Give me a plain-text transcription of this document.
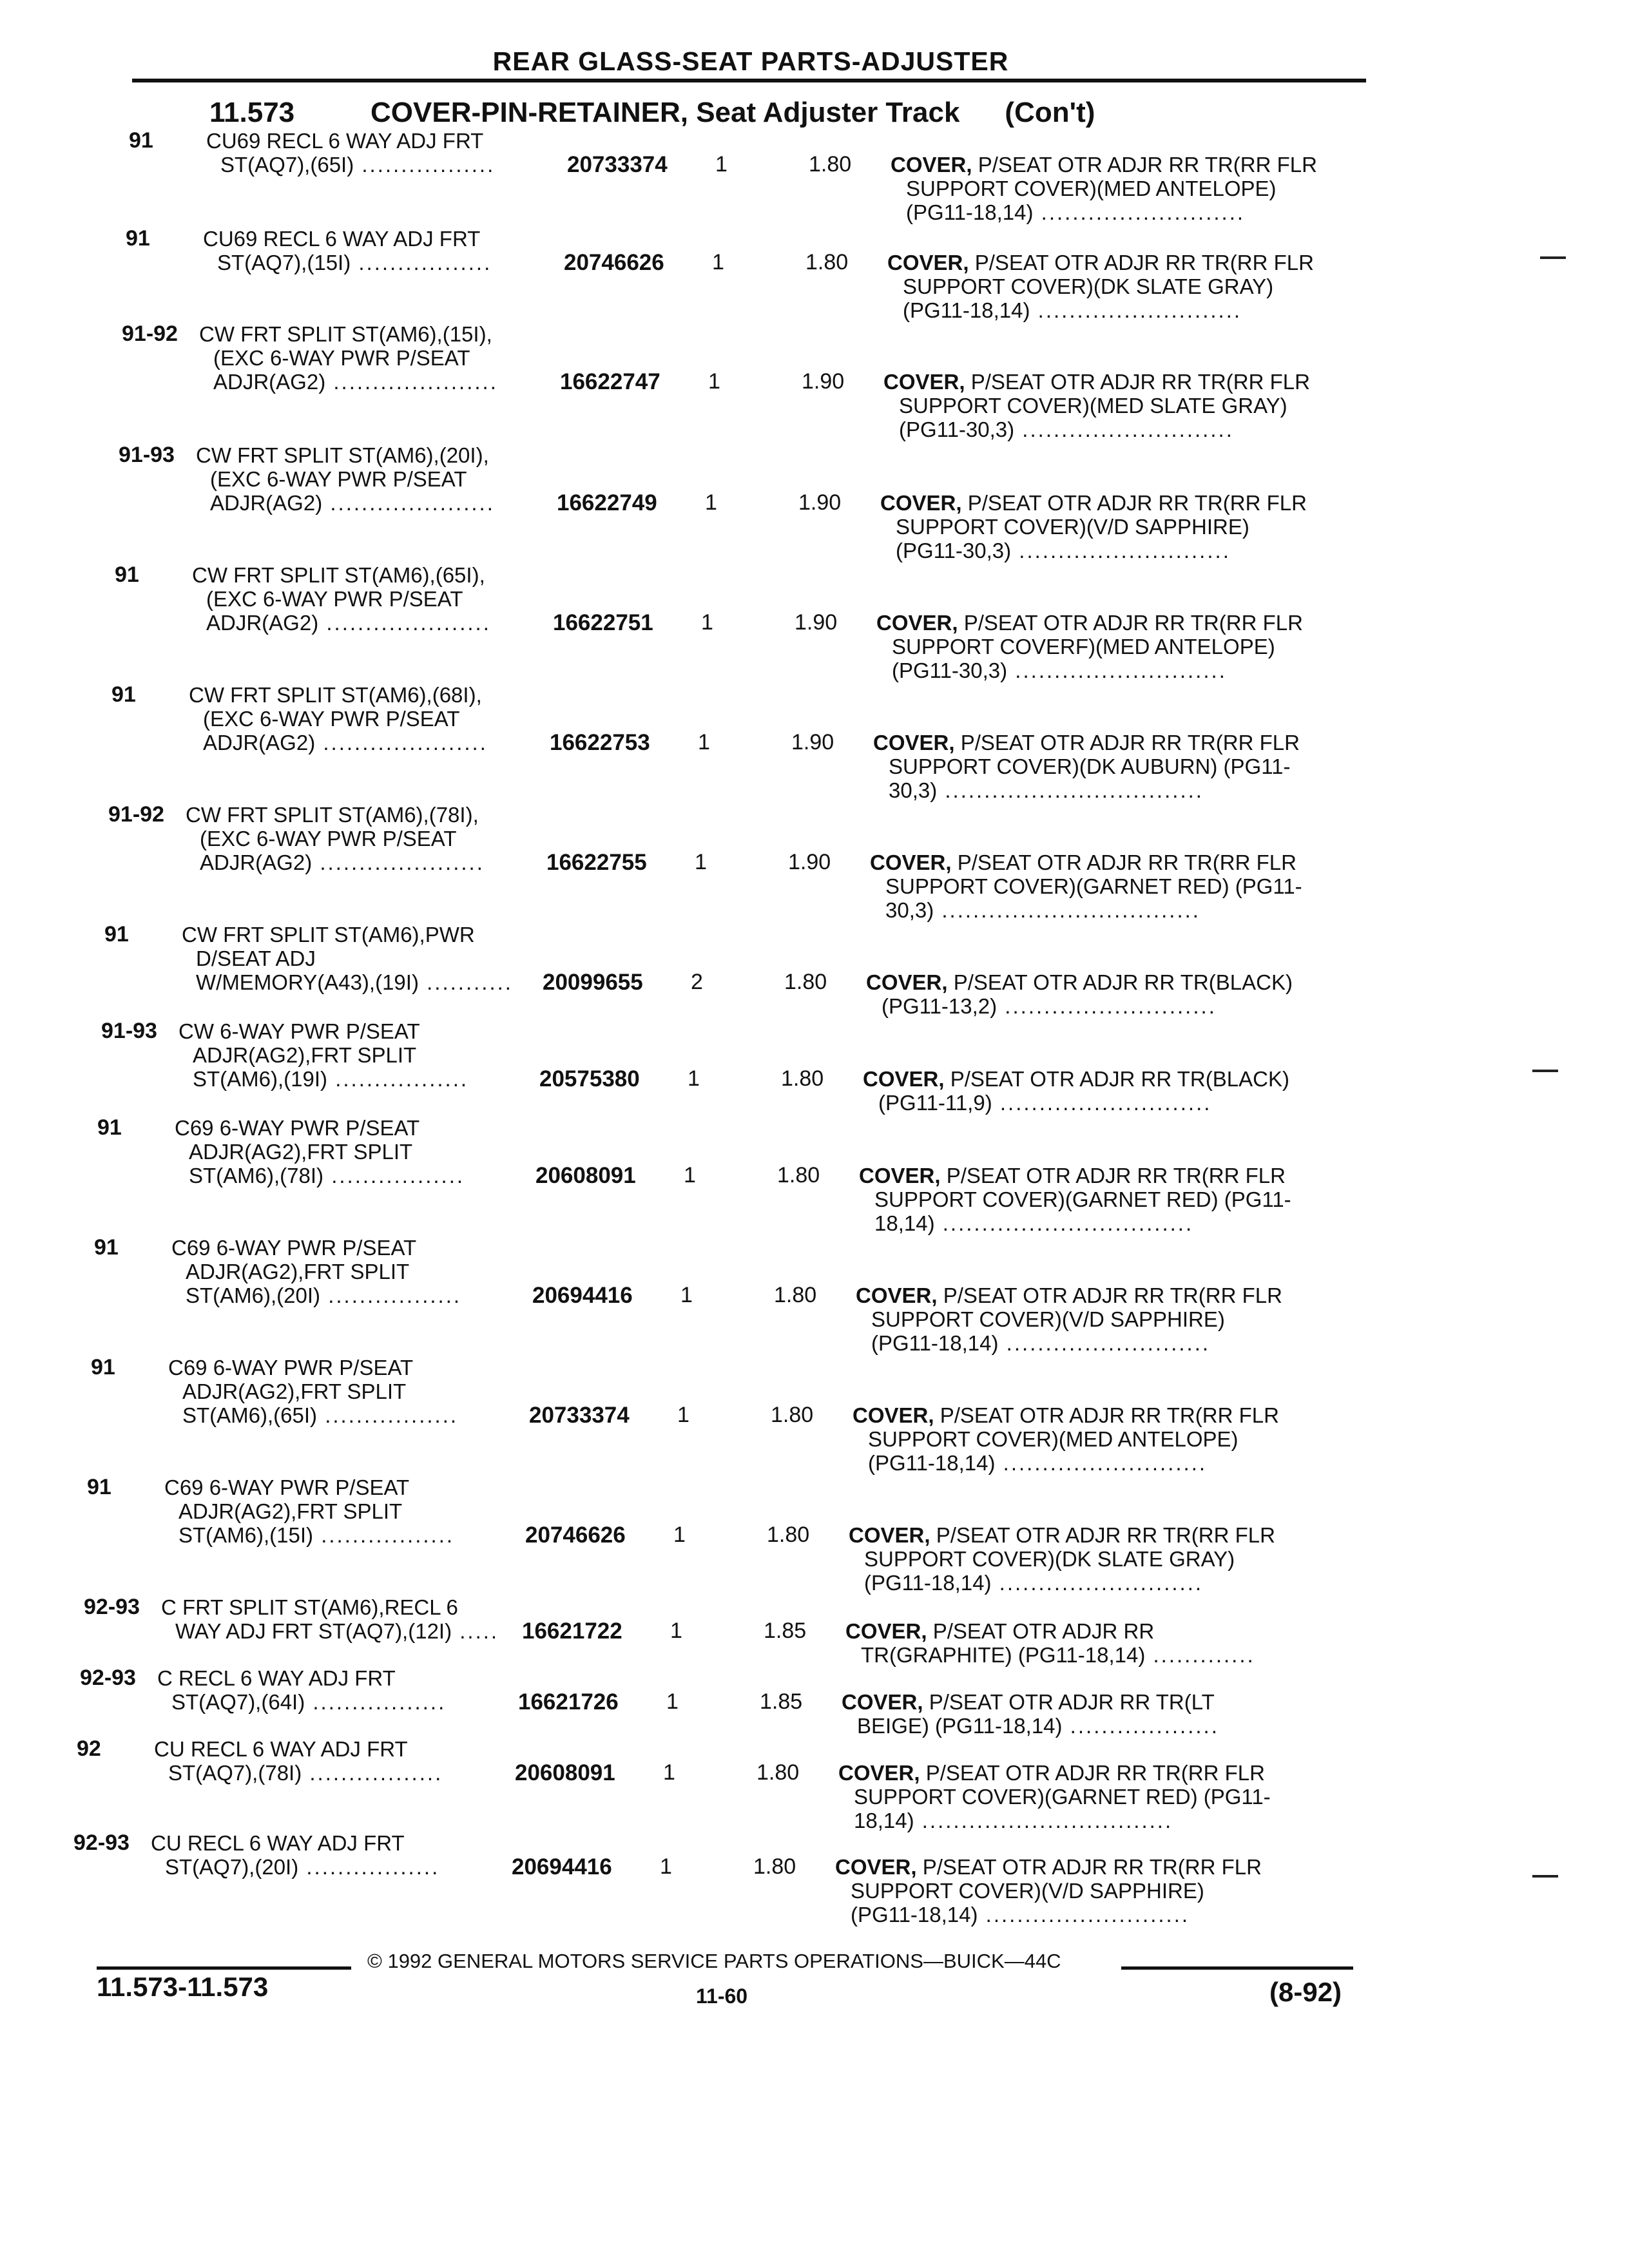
REAR GLASS-SEAT PARTS-ADJUSTER
11.573	COVER-PIN-RETAINER, Seat Adjuster Track (Con't)
91	CU69 RECL 6 WAY ADJ FRT
ST(AQ7),(65I) .................	20733374 1	1.80 COVER, P/SEAT OTR ADJR RR TR(RR FLR
SUPPORT COVER)(MED ANTELOPE)
(PG11-18,14) ..........................
91	CU69 RECL 6 WAY ADJ FRT
ST(AQ7),(15I) .................	20746626 1	1.80 COVER, P/SEAT OTR ADJR RR TR(RR FLR
SUPPORT COVER)(DK SLATE GRAY)
(PG11-18,14) ..........................
91-92	CW FRT SPLIT ST(AM6),(15I),
(EXC 6-WAY PWR P/SEAT
ADJR(AG2) .....................	16622747 1	1.90 COVER, P/SEAT OTR ADJR RR TR(RR FLR
SUPPORT COVER)(MED SLATE GRAY)
(PG11-30,3) ...........................
91-93	CW FRT SPLIT ST(AM6),(20I),
(EXC 6-WAY PWR P/SEAT
ADJR(AG2) .....................	16622749 1	1.90 COVER, P/SEAT OTR ADJR RR TR(RR FLR
SUPPORT COVER)(V/D SAPPHIRE)
(PG11-30,3) ...........................
91	CW FRT SPLIT ST(AM6),(65I),
(EXC 6-WAY PWR P/SEAT
ADJR(AG2) .....................	16622751 1	1.90 COVER, P/SEAT OTR ADJR RR TR(RR FLR
SUPPORT COVERF)(MED ANTELOPE)
(PG11-30,3) ...........................
91	CW FRT SPLIT ST(AM6),(68I),
(EXC 6-WAY PWR P/SEAT
ADJR(AG2) .....................	16622753 1	1.90 COVER, P/SEAT OTR ADJR RR TR(RR FLR
SUPPORT COVER)(DK AUBURN) (PG11-
30,3) .................................
91-92	CW FRT SPLIT ST(AM6),(78I),
(EXC 6-WAY PWR P/SEAT
ADJR(AG2) .....................	16622755 1	1.90 COVER, P/SEAT OTR ADJR RR TR(RR FLR
SUPPORT COVER)(GARNET RED) (PG11-
30,3) .................................
91	CW FRT SPLIT ST(AM6),PWR
D/SEAT ADJ
W/MEMORY(A43),(19I) ...........	20099655 2	1.80 COVER, P/SEAT OTR ADJR RR TR(BLACK)
(PG11-13,2) ...........................
91-93	CW 6-WAY PWR P/SEAT
ADJR(AG2),FRT SPLIT
ST(AM6),(19I) .................	20575380 1	1.80 COVER, P/SEAT OTR ADJR RR TR(BLACK)
(PG11-11,9) ...........................
91	C69 6-WAY PWR P/SEAT
ADJR(AG2),FRT SPLIT
ST(AM6),(78I) .................	20608091 1	1.80 COVER, P/SEAT OTR ADJR RR TR(RR FLR
SUPPORT COVER)(GARNET RED) (PG11-
18,14) ................................
91	C69 6-WAY PWR P/SEAT
ADJR(AG2),FRT SPLIT
ST(AM6),(20I) .................	20694416 1	1.80 COVER, P/SEAT OTR ADJR RR TR(RR FLR
SUPPORT COVER)(V/D SAPPHIRE)
(PG11-18,14) ..........................
91	C69 6-WAY PWR P/SEAT
ADJR(AG2),FRT SPLIT
ST(AM6),(65I) .................	20733374 1	1.80 COVER, P/SEAT OTR ADJR RR TR(RR FLR
SUPPORT COVER)(MED ANTELOPE)
(PG11-18,14) ..........................
91	C69 6-WAY PWR P/SEAT
ADJR(AG2),FRT SPLIT
ST(AM6),(15I) .................	20746626 1	1.80 COVER, P/SEAT OTR ADJR RR TR(RR FLR
SUPPORT COVER)(DK SLATE GRAY)
(PG11-18,14) ..........................
92-93	C FRT SPLIT ST(AM6),RECL 6
WAY ADJ FRT ST(AQ7),(12I) .....	16621722 1	1.85 COVER, P/SEAT OTR ADJR RR
TR(GRAPHITE) (PG11-18,14) .............
92-93	C RECL 6 WAY ADJ FRT
ST(AQ7),(64I) .................	16621726 1	1.85 COVER, P/SEAT OTR ADJR RR TR(LT
BEIGE) (PG11-18,14) ...................
92	CU RECL 6 WAY ADJ FRT
ST(AQ7),(78I) .................	20608091 1	1.80 COVER, P/SEAT OTR ADJR RR TR(RR FLR
SUPPORT COVER)(GARNET RED) (PG11-
18,14) ................................
92-93	CU RECL 6 WAY ADJ FRT
ST(AQ7),(20I) .................	20694416 1	1.80 COVER, P/SEAT OTR ADJR RR TR(RR FLR
SUPPORT COVER)(V/D SAPPHIRE)
(PG11-18,14) ..........................
© 1992 GENERAL MOTORS SERVICE PARTS OPERATIONS—BUICK—44C
11.573-11.573	11-60	(8-92)
